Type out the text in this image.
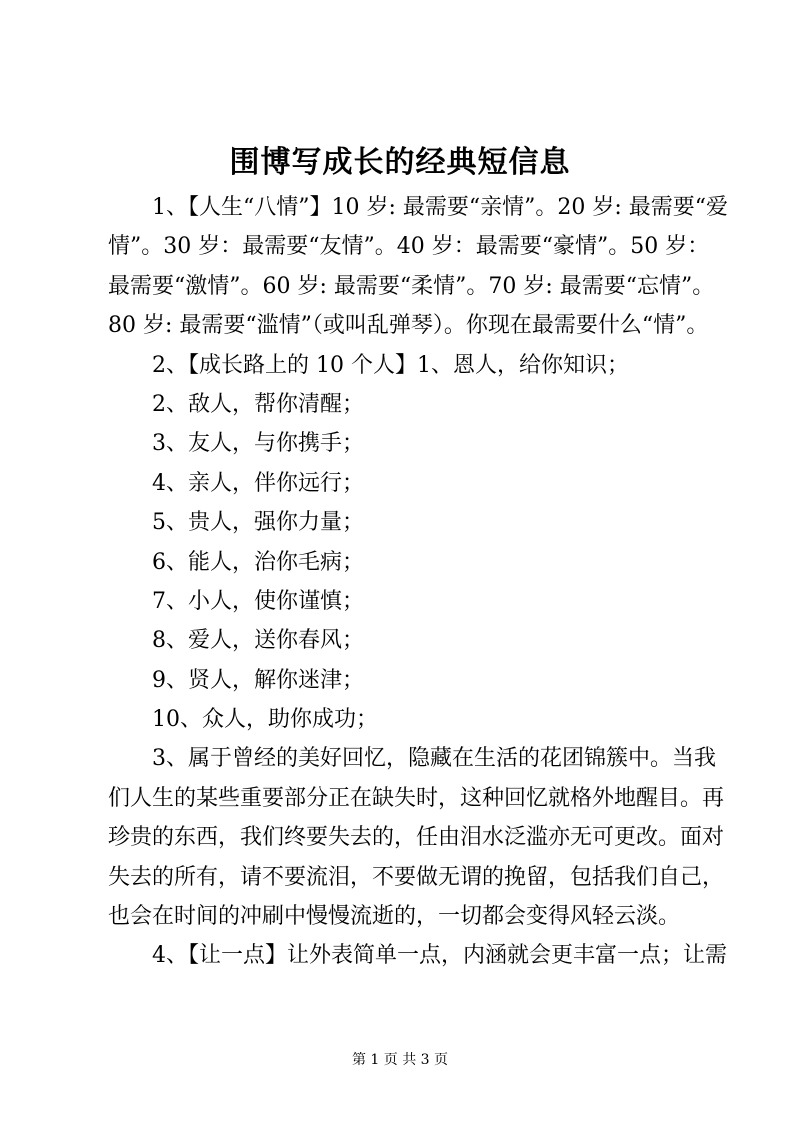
围博写成长的经典短信息
1、【人生“八情”】10 岁: 最需要“亲情”。20 岁: 最需要“爱
情”。30 岁：最需要“友情”。40 岁：最需要“豪情”。50 岁：
最需要“激情”。60 岁: 最需要“柔情”。70 岁: 最需要“忘情”。
80 岁: 最需要“滥情”（或叫乱弹琴）。你现在最需要什么“情”。
2、【成长路上的 10 个人】1、恩人，给你知识；
2、敌人，帮你清醒；
3、友人，与你携手；
4、亲人，伴你远行；
5、贵人，强你力量；
6、能人，治你毛病；
7、小人，使你谨慎；
8、爱人，送你春风；
9、贤人，解你迷津；
10、众人，助你成功；
3、属于曾经的美好回忆，隐藏在生活的花团锦簇中。当我
们人生的某些重要部分正在缺失时，这种回忆就格外地醒目。再
珍贵的东西，我们终要失去的，任由泪水泛滥亦无可更改。面对
失去的所有，请不要流泪，不要做无谓的挽留，包括我们自己，
也会在时间的冲刷中慢慢流逝的，一切都会变得风轻云淡。
4、【让一点】让外表简单一点，内涵就会更丰富一点；让需
第 1 页 共 3 页
